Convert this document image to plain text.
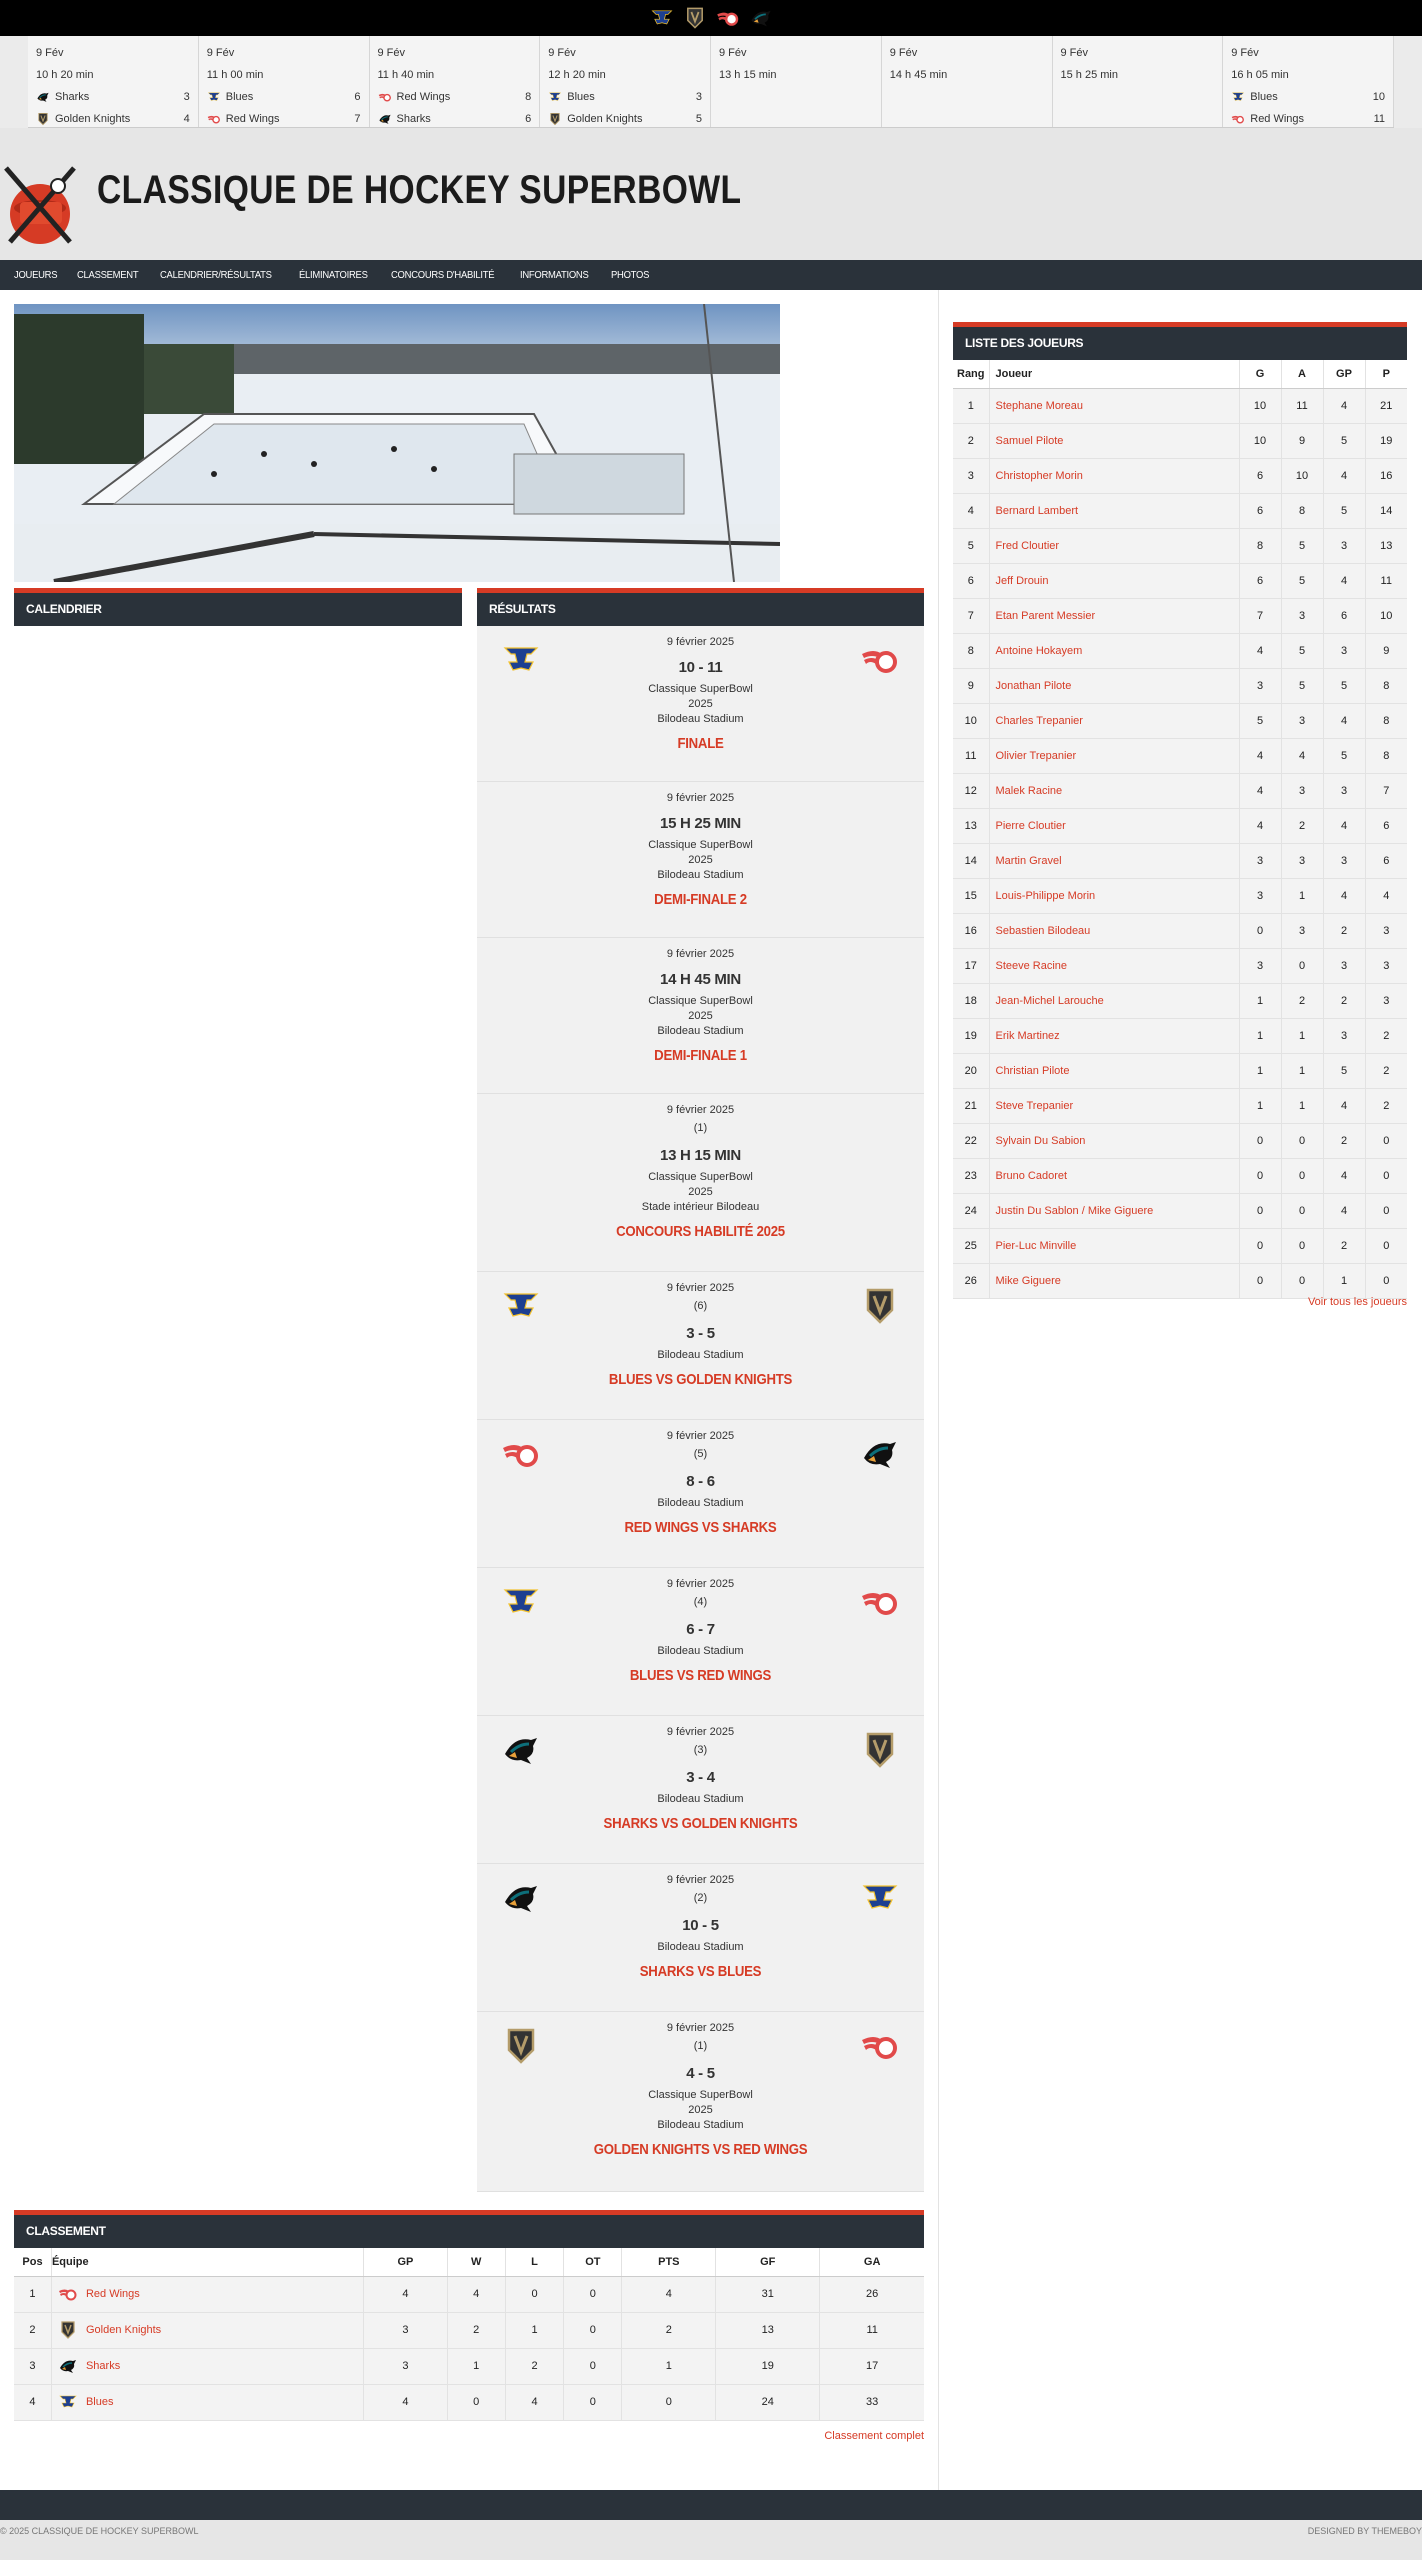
9 Fév
10 h 20 min
Sharks	3
Golden Knights	4
9 Fév
11 h 00 min
Blues	6
Red Wings	7
9 Fév
11 h 40 min
Red Wings	8
Sharks	6
9 Fév
12 h 20 min
Blues	3
Golden Knights	5
9 Fév
13 h 15 min
9 Fév
14 h 45 min
9 Fév
15 h 25 min
9 Fév
16 h 05 min
Blues	10
Red Wings	11
CLASSIQUE DE HOCKEY SUPERBOWL
JOUEURS CLASSEMENT CALENDRIER/RÉSULTATS	ÉLIMINATOIRES CONCOURS D'HABILITÉ	INFORMATIONS PHOTOS
CALENDRIER	RÉSULTATS
9 février 2025
10 - 11
Classique SuperBowl
2025
Bilodeau Stadium
FINALE
9 février 2025
15 H 25 MIN
Classique SuperBowl
2025
Bilodeau Stadium
DEMI-FINALE 2
9 février 2025
14 H 45 MIN
Classique SuperBowl
2025
Bilodeau Stadium
DEMI-FINALE 1
9 février 2025
(1)
13 H 15 MIN
Classique SuperBowl
2025
Stade intérieur Bilodeau
CONCOURS HABILITÉ 2025
9 février 2025
(6)
3 - 5
Bilodeau Stadium
BLUES VS GOLDEN KNIGHTS
9 février 2025
(5)
8 - 6
Bilodeau Stadium
RED WINGS VS SHARKS
9 février 2025
(4)
6 - 7
Bilodeau Stadium
BLUES VS RED WINGS
9 février 2025
(3)
3 - 4
Bilodeau Stadium
SHARKS VS GOLDEN KNIGHTS
9 février 2025
(2)
10 - 5
Bilodeau Stadium
SHARKS VS BLUES
9 février 2025
(1)
4 - 5
Classique SuperBowl
2025
Bilodeau Stadium
GOLDEN KNIGHTS VS RED WINGS
LISTE DES JOUEURS
Rang	Joueur	G	A	GP	P
1	Stephane Moreau	10	11	4	21
2	Samuel Pilote	10	9	5	19
3	Christopher Morin	6	10	4	16
4	Bernard Lambert	6	8	5	14
5	Fred Cloutier	8	5	3	13
6	Jeff Drouin	6	5	4	11
7	Etan Parent Messier	7	3	6	10
8	Antoine Hokayem	4	5	3	9
9	Jonathan Pilote	3	5	5	8
10	Charles Trepanier	5	3	4	8
11	Olivier Trepanier	4	4	5	8
12	Malek Racine	4	3	3	7
13	Pierre Cloutier	4	2	4	6
14	Martin Gravel	3	3	3	6
15	Louis-Philippe Morin	3	1	4	4
16	Sebastien Bilodeau	0	3	2	3
17	Steeve Racine	3	0	3	3
18	Jean-Michel Larouche	1	2	2	3
19	Erik Martinez	1	1	3	2
20	Christian Pilote	1	1	5	2
21	Steve Trepanier	1	1	4	2
22	Sylvain Du Sabion	0	0	2	0
23	Bruno Cadoret	0	0	4	0
24	Justin Du Sablon / Mike Giguere	0	0	4	0
25	Pier-Luc Minville	0	0	2	0
26	Mike Giguere	0	0	1	0
Voir tous les joueurs
CLASSEMENT
Pos	Équipe	GP	W	L	OT	PTS	GF	GA
1	Red Wings	4	4	0	0	4	31	26
2	Golden Knights	3	2	1	0	2	13	11
3	Sharks	3	1	2	0	1	19	17
4	Blues	4	0	4	0	0	24	33
Classement complet
© 2025 CLASSIQUE DE HOCKEY SUPERBOWL	DESIGNED BY THEMEBOY
